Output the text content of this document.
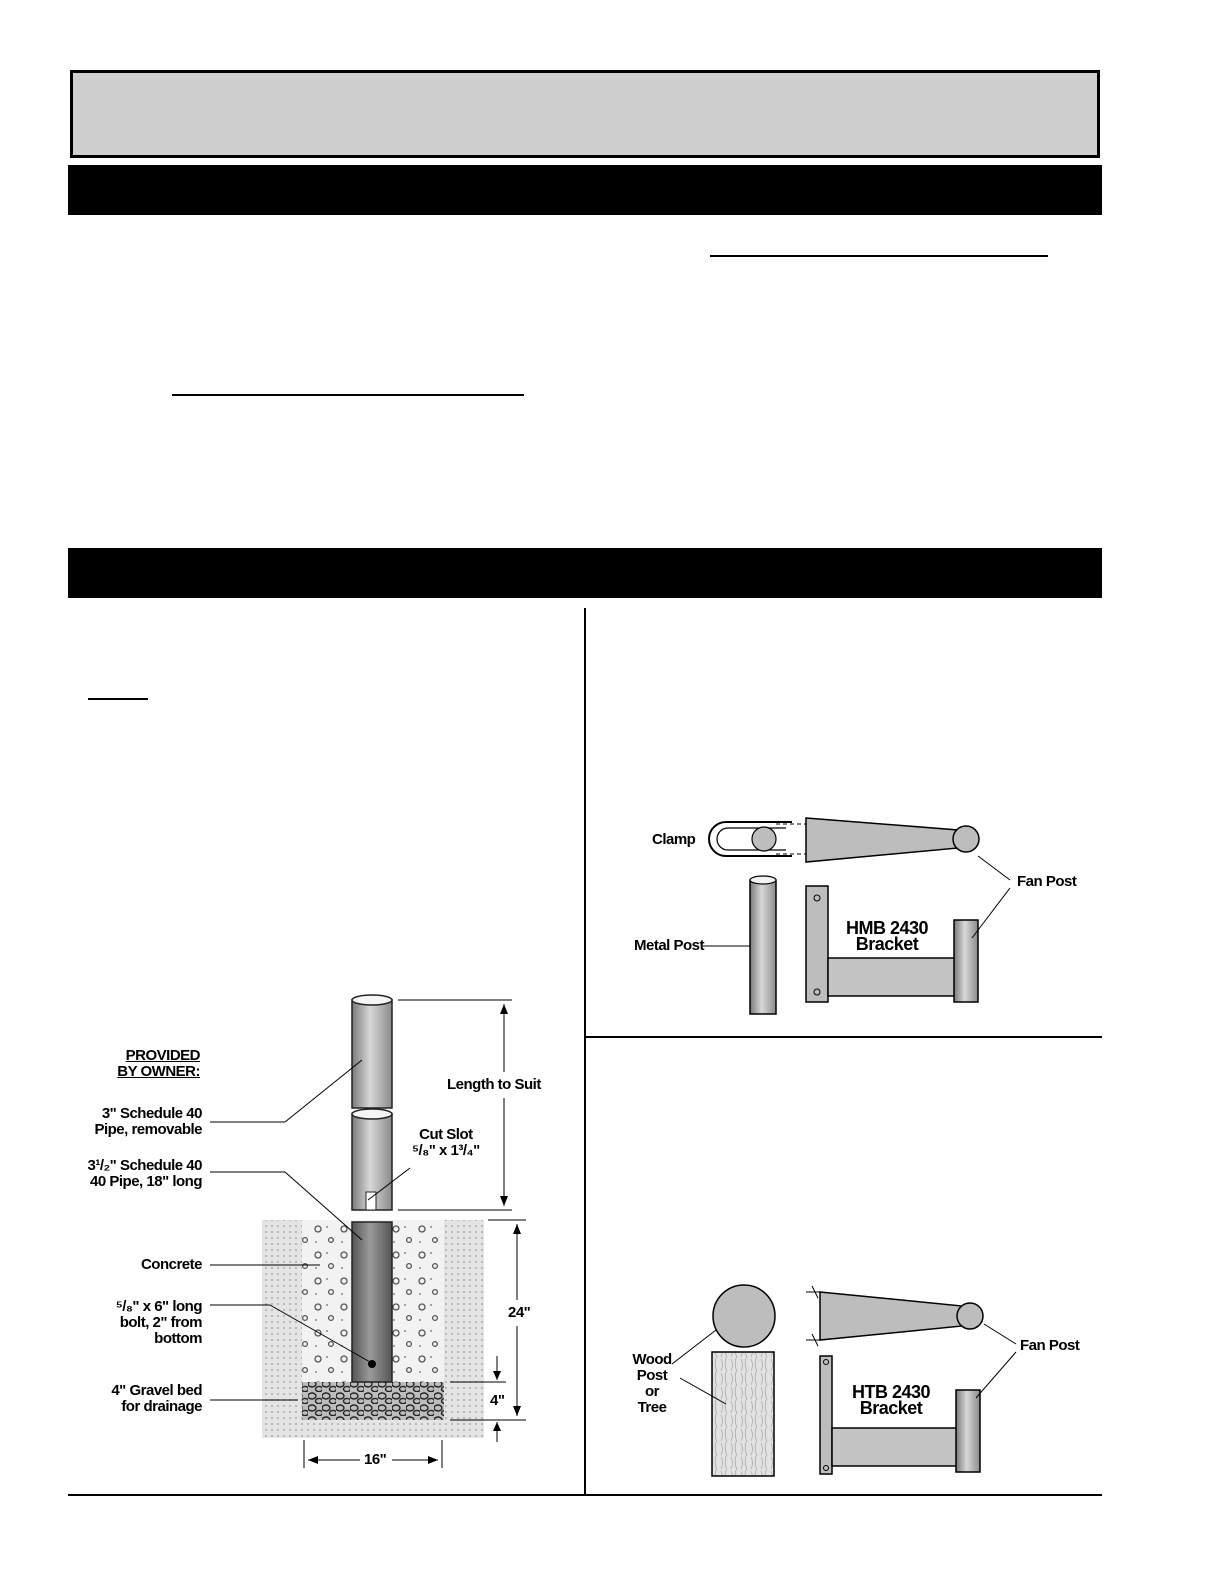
PROVIDED
BY OWNER:
3" Schedule 40
Pipe, removable
3¹/₂" Schedule 40
40 Pipe, 18" long
Concrete
⁵/₈" x 6" long
bolt, 2" from
bottom
4" Gravel bed
for drainage
Length to Suit
Cut Slot
⁵/₈" x 1³/₄"
24"
4"
16"
Clamp
Fan Post
Metal Post
HMB 2430
Bracket
Wood
Post or
Tree
Fan Post
HTB 2430
Bracket
